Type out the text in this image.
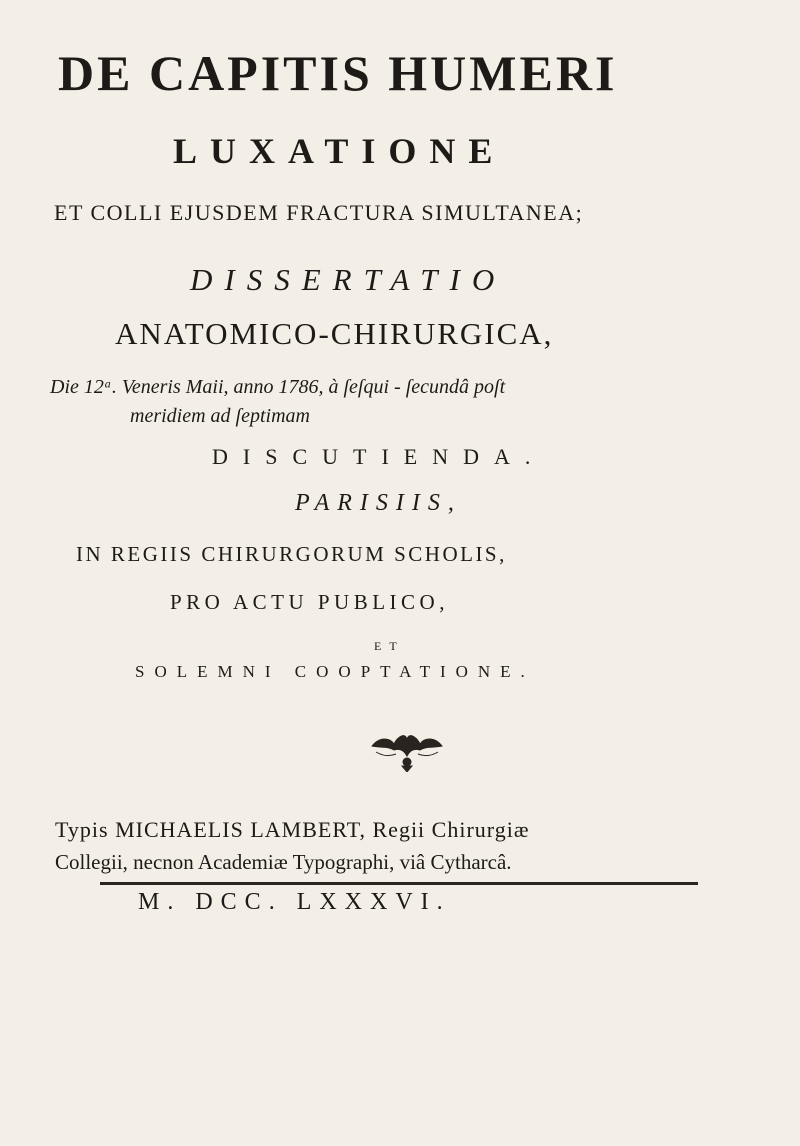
DE CAPITIS HUMERI
LUXATIONE
ET COLLI EJUSDEM FRACTURA SIMULTANEA;
DISSERTATIO
ANATOMICO-CHIRURGICA,
Die 12ᵃ. Veneris Maii, anno 1786, à ſeſqui - ſecundâ poſt
meridiem ad ſeptimam
DISCUTIENDA.
PARISIIS,
IN REGIIS CHIRURGORUM SCHOLIS,
PRO ACTU PUBLICO,
ET
SOLEMNI COOPTATIONE.
Typis MICHAELIS LAMBERT, Regii Chirurgiæ
Collegii, necnon Academiæ Typographi, viâ Cytharcâ.
M. DCC. LXXXVI.
